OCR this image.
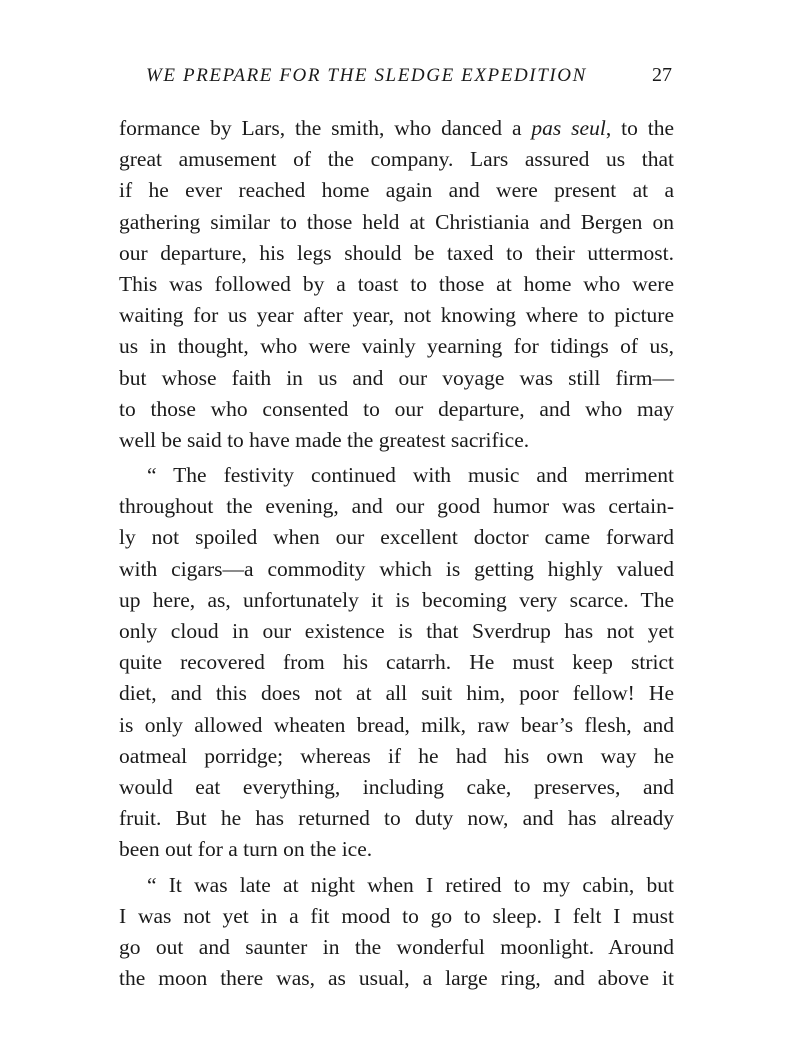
WE PREPARE FOR THE SLEDGE EXPEDITION	27
formance by Lars, the smith, who danced a pas seul, to the
great amusement of the company. Lars assured us that
if he ever reached home again and were present at a
gathering similar to those held at Christiania and Bergen on
our departure, his legs should be taxed to their uttermost.
This was followed by a toast to those at home who were
waiting for us year after year, not knowing where to picture
us in thought, who were vainly yearning for tidings of us,
but whose faith in us and our voyage was still firm—
to those who consented to our departure, and who may
well be said to have made the greatest sacrifice.
“ The festivity continued with music and merriment
throughout the evening, and our good humor was certain-
ly not spoiled when our excellent doctor came forward
with cigars—a commodity which is getting highly valued
up here, as, unfortunately it is becoming very scarce. The
only cloud in our existence is that Sverdrup has not yet
quite recovered from his catarrh. He must keep strict
diet, and this does not at all suit him, poor fellow! He
is only allowed wheaten bread, milk, raw bear’s flesh, and
oatmeal porridge; whereas if he had his own way he
would eat everything, including cake, preserves, and
fruit. But he has returned to duty now, and has already
been out for a turn on the ice.
“ It was late at night when I retired to my cabin, but
I was not yet in a fit mood to go to sleep. I felt I must
go out and saunter in the wonderful moonlight. Around
the moon there was, as usual, a large ring, and above it
